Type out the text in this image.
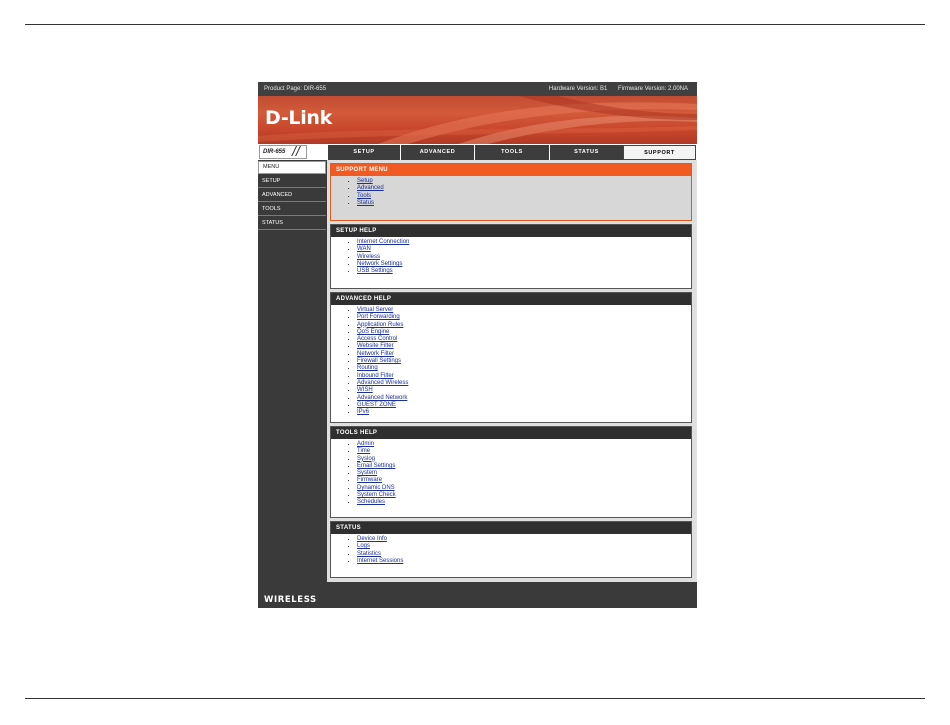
Product Page: DIR-655	Hardware Version: B1 Firmware Version: 2.00NA
D-Link
DIR-655 //	SETUP	ADVANCED	TOOLS	STATUS	SUPPORT
MENU
SETUP
ADVANCED
TOOLS
STATUS
SUPPORT MENU
• Setup
• Advanced
• Tools
• Status
SETUP HELP
• Internet Connection
• WAN
• Wireless
• Network Settings
• USB Settings
ADVANCED HELP
• Virtual Server
• Port Forwarding
• Application Rules
• QoS Engine
• Access Control
• Website Filter
• Network Filter
• Firewall Settings
• Routing
• Inbound Filter
• Advanced Wireless
• WISH
• Advanced Network
• GUEST ZONE
• IPv6
TOOLS HELP
• Admin
• Time
• Syslog
• Email Settings
• System
• Firmware
• Dynamic DNS
• System Check
• Schedules
STATUS
• Device Info
• Logs
• Statistics
• Internet Sessions
WIRELESS
